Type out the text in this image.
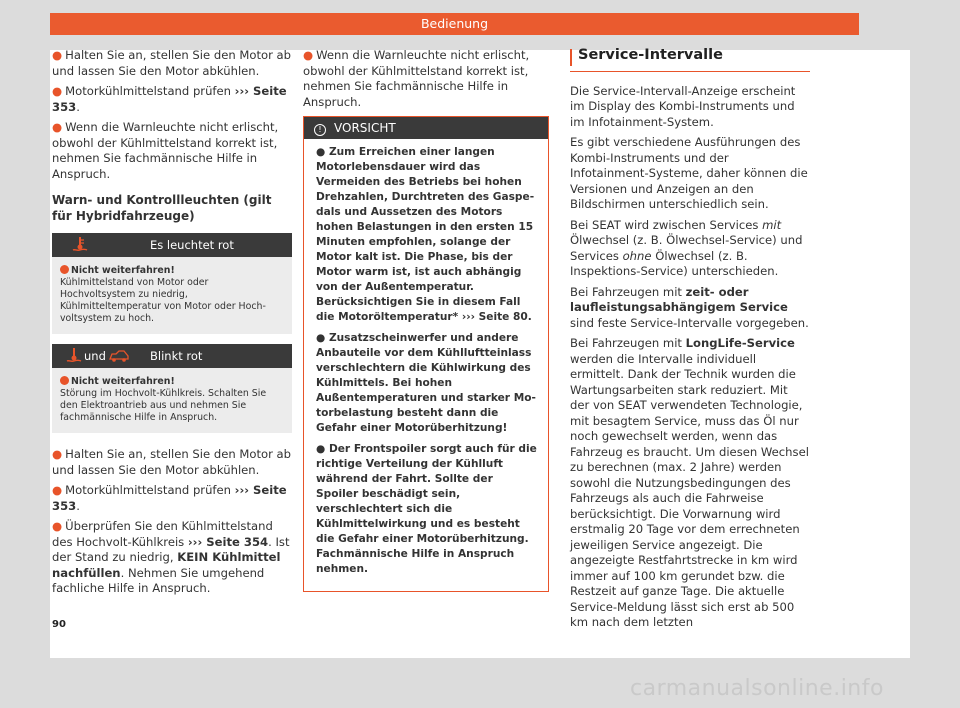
Bedienung

● Halten Sie an, stellen Sie den Motor ab und lassen Sie den Motor abkühlen.

● Motorkühlmittelstand prüfen ››› Seite 353.

● Wenn die Warnleuchte nicht erlischt, obwohl der Kühlmittelstand korrekt ist, nehmen Sie fachmännische Hilfe in Anspruch.

Warn- und Kontrollleuchten (gilt für Hybridfahrzeuge)
Es leuchtet rot
Nicht weiterfahren!
Kühlmittelstand von Motor oder Hochvoltsystem zu niedrig, Kühlmitteltemperatur von Motor oder Hochvoltsystem zu hoch.
und	Blinkt rot
Nicht weiterfahren!
Störung im Hochvolt-Kühlkreis. Schalten Sie den Elektroantrieb aus und nehmen Sie fachmännische Hilfe in Anspruch.

● Halten Sie an, stellen Sie den Motor ab und lassen Sie den Motor abkühlen.

● Motorkühlmittelstand prüfen ››› Seite 353.

● Überprüfen Sie den Kühlmittelstand des Hochvolt-Kühlkreis ››› Seite 354. Ist der Stand zu niedrig, KEIN Kühlmittel nachfüllen. Nehmen Sie umgehend fachliche Hilfe in Anspruch.

● Wenn die Warnleuchte nicht erlischt, obwohl der Kühlmittelstand korrekt ist, nehmen Sie fachmännische Hilfe in Anspruch.

! VORSICHT

● Zum Erreichen einer langen Motorlebensdauer wird das Vermeiden des Betriebs bei hohen Drehzahlen, Durchtreten des Gaspedals und Aussetzen des Motors hohen Belastungen in den ersten 15 Minuten empfohlen, solange der Motor kalt ist. Die Phase, bis der Motor warm ist, ist auch abhängig von der Außentemperatur. Berücksichtigen Sie in diesem Fall die Motoröltemperatur* ››› Seite 80.

● Zusatzscheinwerfer und andere Anbauteile vor dem Kühlluftteinlass verschlechtern die Kühlwirkung des Kühlmittels. Bei hohen Außentemperaturen und starker Motorbelastung besteht dann die Gefahr einer Motorüberhitzung!

● Der Frontspoiler sorgt auch für die richtige Verteilung der Kühlluft während der Fahrt. Sollte der Spoiler beschädigt sein, verschlechtert sich die Kühlmittelwirkung und es besteht die Gefahr einer Motorüberhitzung. Fachmännische Hilfe in Anspruch nehmen.

Service-Intervalle

Die Service-Intervall-Anzeige erscheint im Display des Kombi-Instruments und im Infotainment-System.

Es gibt verschiedene Ausführungen des Kombi-Instruments und der Infotainment-Systeme, daher können die Versionen und Anzeigen an den Bildschirmen unterschiedlich sein.

Bei SEAT wird zwischen Services mit Ölwechsel (z. B. Ölwechsel-Service) und Services ohne Ölwechsel (z. B. Inspektions-Service) unterschieden.

Bei Fahrzeugen mit zeit- oder laufleistungsabhängigem Service sind feste Service-Intervalle vorgegeben.

Bei Fahrzeugen mit LongLife-Service werden die Intervalle individuell ermittelt. Dank der Technik wurden die Wartungsarbeiten stark reduziert. Mit der von SEAT verwendeten Technologie, mit besagtem Service, muss das Öl nur noch gewechselt werden, wenn das Fahrzeug es braucht. Um diesen Wechsel zu berechnen (max. 2 Jahre) werden sowohl die Nutzungsbedingungen des Fahrzeugs als auch die Fahrweise berücksichtigt. Die Vorwarnung wird erstmalig 20 Tage vor dem errechneten jeweiligen Service angezeigt. Die angezeigte Restfahrtstrecke in km wird immer auf 100 km gerundet bzw. die Restzeit auf ganze Tage. Die aktuelle Service-Meldung lässt sich erst ab 500 km nach dem letzten

90
carmanualsonline.info
